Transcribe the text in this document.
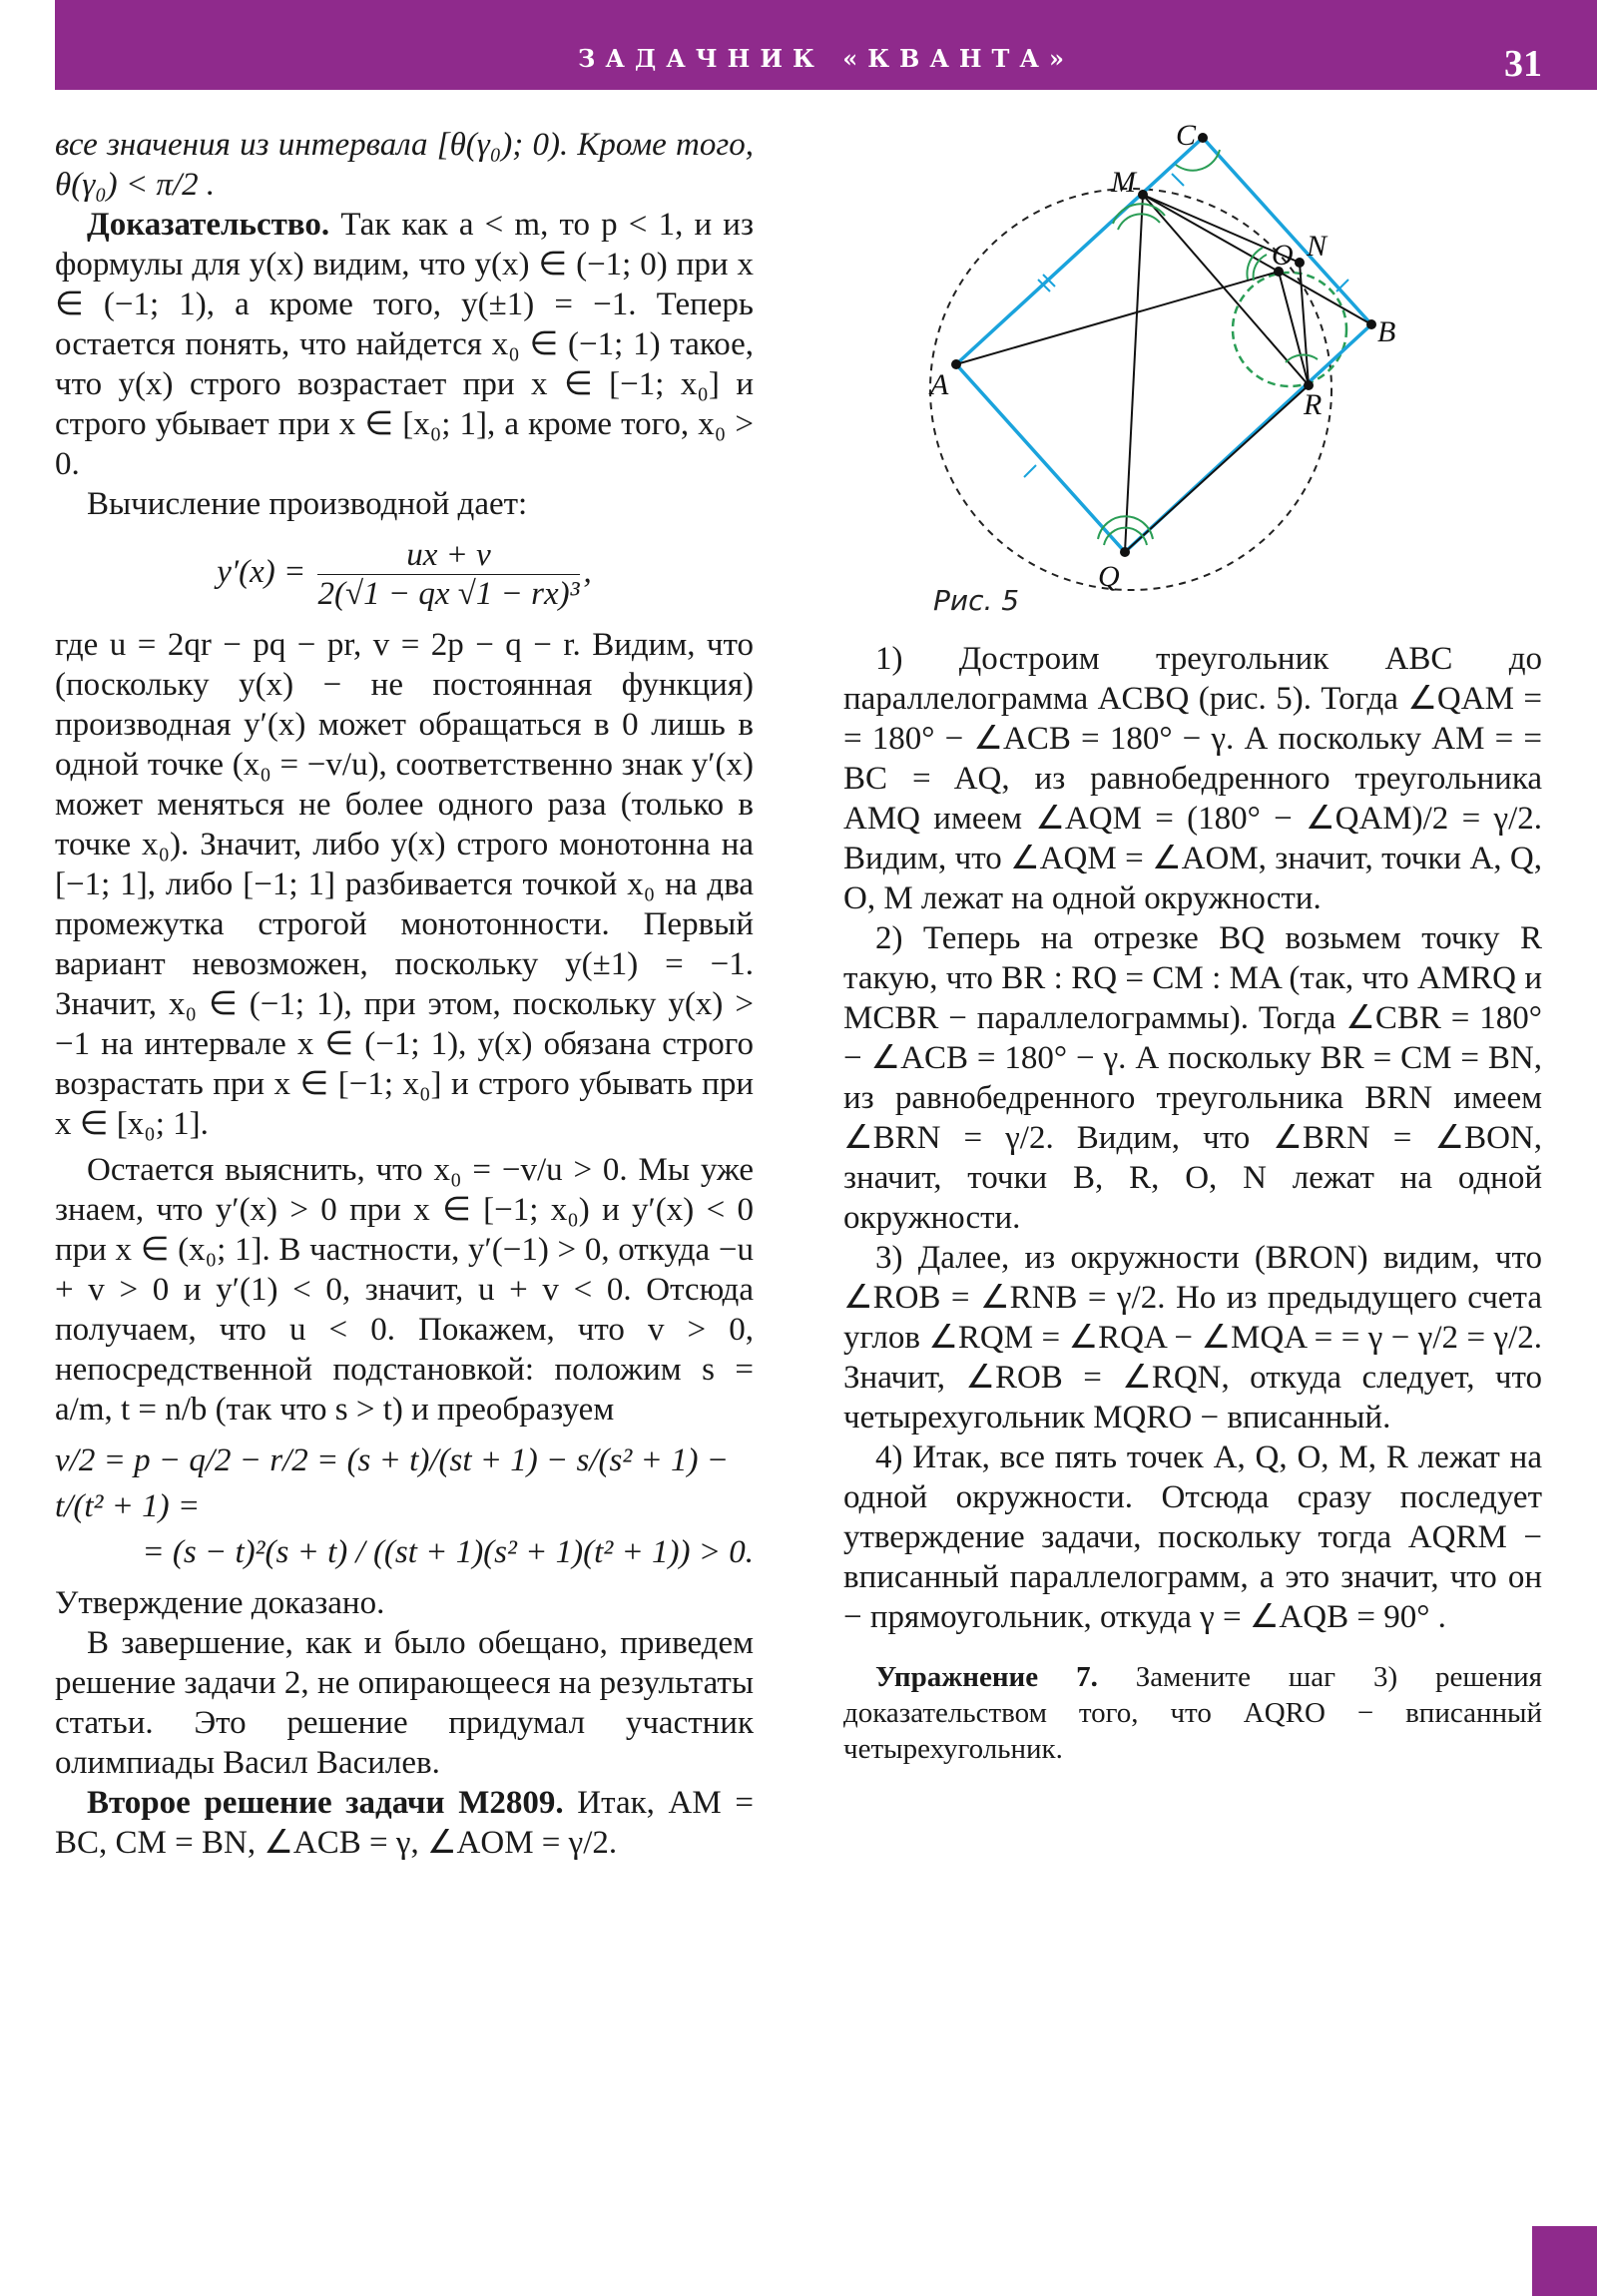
ЗАДАЧНИК «КВАНТА»	31
C
M
N
O
B
A
R
Q
Рис. 5

все значения из интервала [θ(γ₀); 0). Кроме того, θ(γ₀) < π/2 .

Доказательство. Так как a < m, то p < 1, и из формулы для y(x) видим, что y(x) ∈ (−1; 0) при x ∈ (−1; 1), а кроме того, y(±1) = −1. Теперь остается понять, что найдется x₀ ∈ (−1; 1) такое, что y(x) строго возрастает при x ∈ [−1; x₀] и строго убывает при x ∈ [x₀; 1], а кроме того, x₀ > 0.

Вычисление производной дает:

$y'(x) = \frac{ux + v}{\text{2(√1 − qx √1 − rx)³}}$ ,

где u = 2qr − pq − pr, v = 2p − q − r. Видим, что (поскольку y(x) − не постоянная функция) производная y′(x) может обращаться в 0 лишь в одной точке (x₀ = −v/u), соответственно знак y′(x) может меняться не более одного раза (только в точке x₀). Значит, либо y(x) строго монотонна на [−1; 1], либо [−1; 1] разбивается точкой x₀ на два промежутка строгой монотонности. Первый вариант невозможен, поскольку y(±1) = −1. Значит, x₀ ∈ (−1; 1), при этом, поскольку y(x) > −1 на интервале x ∈ (−1; 1), y(x) обязана строго возрастать при x ∈ [−1; x₀] и строго убывать при x ∈ [x₀; 1].

Остается выяснить, что x₀ = −v/u > 0. Мы уже знаем, что y′(x) > 0 при x ∈ [−1; x₀) и y′(x) < 0 при x ∈ (x₀; 1]. В частности, y′(−1) > 0, откуда −u + v > 0 и y′(1) < 0, значит, u + v < 0. Отсюда получаем, что u < 0. Покажем, что v > 0, непосредственной подстановкой: положим s = a/m, t = n/b (так что s > t) и преобразуем

v/2 = p − q/2 − r/2 = (s + t)/(st + 1) − s/(s² + 1) − t/(t² + 1) =
= (s − t)²(s + t) / ((st + 1)(s² + 1)(t² + 1)) > 0.

Утверждение доказано.

В завершение, как и было обещано, приведем решение задачи 2, не опирающееся на результаты статьи. Это решение придумал участник олимпиады Васил Василев.

Второе решение задачи М2809. Итак, AM = BC, CM = BN, ∠ACB = γ, ∠AOM = γ/2.

1) Достроим треугольник ABC до параллелограмма ACBQ (рис. 5). Тогда ∠QAM = = 180° − ∠ACB = 180° − γ. А поскольку AM = = BC = AQ, из равнобедренного треугольника AMQ имеем ∠AQM = (180° − ∠QAM)/2 = γ/2. Видим, что ∠AQM = ∠AOM, значит, точки A, Q, O, M лежат на одной окружности.

2) Теперь на отрезке BQ возьмем точку R такую, что BR : RQ = CM : MA (так, что AMRQ и MCBR − параллелограммы). Тогда ∠CBR = 180° − ∠ACB = 180° − γ. А поскольку BR = CM = BN, из равнобедренного треугольника BRN имеем ∠BRN = γ/2. Видим, что ∠BRN = ∠BON, значит, точки B, R, O, N лежат на одной окружности.

3) Далее, из окружности (BRON) видим, что ∠ROB = ∠RNB = γ/2. Но из предыдущего счета углов ∠RQM = ∠RQA − ∠MQA = = γ − γ/2 = γ/2. Значит, ∠ROB = ∠RQN, откуда следует, что четырехугольник MQRO − вписанный.

4) Итак, все пять точек A, Q, O, M, R лежат на одной окружности. Отсюда сразу последует утверждение задачи, поскольку тогда AQRM − вписанный параллелограмм, а это значит, что он − прямоугольник, откуда γ = ∠AQB = 90° .

Упражнение 7. Замените шаг 3) решения доказательством того, что AQRO − вписанный четырехугольник.
